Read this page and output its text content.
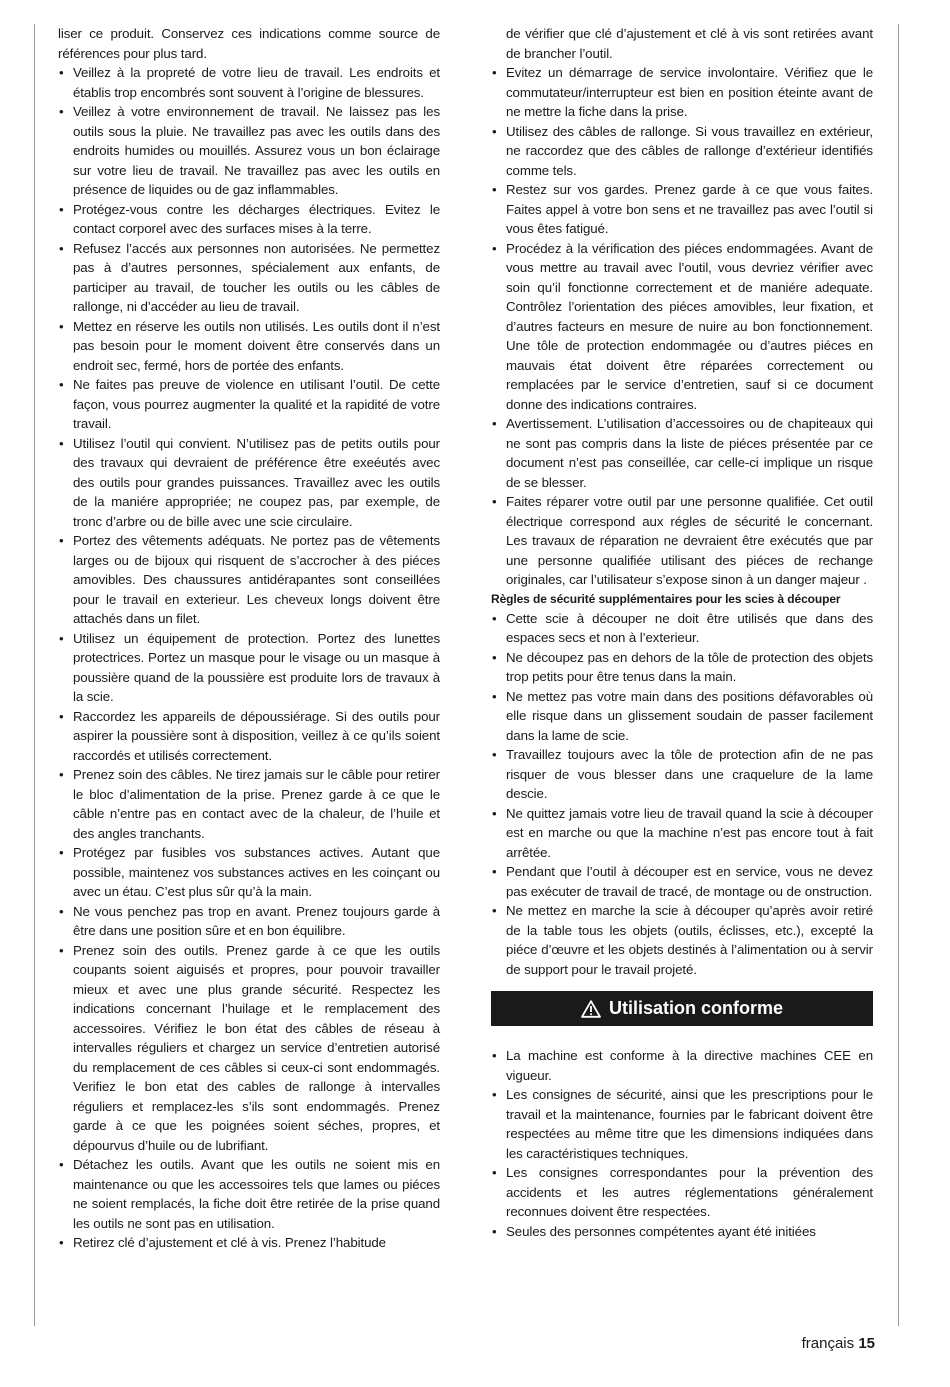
liser ce produit. Conservez ces indications comme source de références pour plus tard.

• Veillez à la propreté de votre lieu de travail. Les endroits et établis trop encombrés sont souvent à l’origine de blessures.
• Veillez à votre environnement de travail. Ne laissez pas les outils sous la pluie. Ne travaillez pas avec les outils dans des endroits humides ou mouillés. Assurez vous un bon éclairage sur votre lieu de travail. Ne travaillez pas avec les outils en présence de liquides ou de gaz inflammables.
• Protégez-vous contre les décharges électriques. Evitez le contact corporel avec des surfaces mises à la terre.
• Refusez l’accés aux personnes non autorisées. Ne permettez pas à d’autres personnes, spécialement aux enfants, de participer au travail, de toucher les outils ou les câbles de rallonge, ni d’accéder au lieu de travail.
• Mettez en réserve les outils non utilisés. Les outils dont il n’est pas besoin pour le moment doivent être conservés dans un endroit sec, fermé, hors de portée des enfants.
• Ne faites pas preuve de violence en utilisant l’outil. De cette façon, vous pourrez augmenter la qualité et la rapidité de votre travail.
• Utilisez l’outil qui convient. N’utilisez pas de petits outils pour des travaux qui devraient de préférence être exeéutés avec des outils pour grandes puissances. Travaillez avec les outils de la maniére appropriée; ne coupez pas, par exemple, de tronc d’arbre ou de bille avec une scie circulaire.
• Portez des vêtements adéquats. Ne portez pas de vêtements larges ou de bijoux qui risquent de s’accrocher à des piéces amovibles. Des chaussures antidérapantes sont conseillées pour le travail en exterieur. Les cheveux longs doivent être attachés dans un filet.
• Utilisez un équipement de protection. Portez des lunettes protectrices. Portez un masque pour le visage ou un masque à poussière quand de la poussière est produite lors de travaux à la scie.
• Raccordez les appareils de dépoussiérage. Si des outils pour aspirer la poussière sont à disposition, veillez à ce qu’ils soient raccordés et utilisés correctement.
• Prenez soin des câbles. Ne tirez jamais sur le câble pour retirer le bloc d’alimentation de la prise. Prenez garde à ce que le câble n’entre pas en contact avec de la chaleur, de l’huile et des angles tranchants.
• Protégez par fusibles vos substances actives. Autant que possible, maintenez vos substances actives en les coinçant ou avec un étau. C’est plus sûr qu’à la main.
• Ne vous penchez pas trop en avant. Prenez toujours garde à être dans une position sûre et en bon équilibre.
• Prenez soin des outils. Prenez garde à ce que les outils coupants soient aiguisés et propres, pour pouvoir travailler mieux et avec une plus grande sécurité. Respectez les indications concernant l’huilage et le remplacement des accessoires. Vérifiez le bon état des câbles de réseau à intervalles réguliers et chargez un service d’entretien autorisé du remplacement de ces câbles si ceux-ci sont endommagés. Verifiez le bon etat des cables de rallonge à intervalles réguliers et remplacez-les s’ils sont endommagés. Prenez garde à ce que les poignées soient séches, propres, et dépourvus d’huile ou de lubrifiant.
• Détachez les outils. Avant que les outils ne soient mis en maintenance ou que les accessoires tels que lames ou piéces ne soient remplacés, la fiche doit être retirée de la prise quand les outils ne sont pas en utilisation.
• Retirez clé d’ajustement et clé à vis. Prenez l’habitude

de vérifier que clé d’ajustement et clé à vis sont retirées avant de brancher l’outil.

• Evitez un démarrage de service involontaire. Vérifiez que le commutateur/interrupteur est bien en position éteinte avant de ne mettre la fiche dans la prise.
• Utilisez des câbles de rallonge. Si vous travaillez en extérieur, ne raccordez que des câbles de rallonge d’extérieur identifiés comme tels.
• Restez sur vos gardes. Prenez garde à ce que vous faites. Faites appel à votre bon sens et ne travaillez pas avec l’outil si vous êtes fatigué.
• Procédez à la vérification des piéces endommagées. Avant de vous mettre au travail avec l’outil, vous devriez vérifier avec soin qu’il fonctionne correctement et de maniére adequate. Contrôlez l’orientation des piéces amovibles, leur fixation, et d’autres facteurs en mesure de nuire au bon fonctionnement. Une tôle de protection endommagée ou d’autres piéces en mauvais état doivent être réparées correctement ou remplacées par le service d’entretien, sauf si ce document donne des indications contraires.
• Avertissement. L’utilisation d’accessoires ou de chapiteaux qui ne sont pas compris dans la liste de piéces présentée par ce document n’est pas conseillée, car celle-ci implique un risque de se blesser.
• Faites réparer votre outil par une personne qualifiée. Cet outil électrique correspond aux régles de sécurité le concernant. Les travaux de réparation ne devraient être exécutés que par une personne qualifiée utilisant des piéces de rechange originales, car l’utilisateur s’expose sinon à un danger majeur .
Règles de sécurité supplémentaires pour les scies à découper
• Cette scie à découper ne doit être utilisés que dans des espaces secs et non à l’exterieur.
• Ne découpez pas en dehors de la tôle de protection des objets trop petits pour être tenus dans la main.
• Ne mettez pas votre main dans des positions défavorables où elle risque dans un glissement soudain de passer facilement dans la lame de scie.
• Travaillez toujours avec la tôle de protection afin de ne pas risquer de vous blesser dans une craquelure de la lame descie.
• Ne quittez jamais votre lieu de travail quand la scie à découper est en marche ou que la machine n’est pas encore tout à fait arrêtée.
• Pendant que l’outil à découper est en service, vous ne devez pas exécuter de travail de tracé, de montage ou de onstruction.
• Ne mettez en marche la scie à découper qu’après avoir retiré de la table tous les objets (outils, éclisses, etc.), excepté la piéce d’œuvre et les objets destinés à l’alimentation ou à servir de support pour le travail projeté.
Utilisation conforme
• La machine est conforme à la directive machines CEE en vigueur.
• Les consignes de sécurité, ainsi que les prescriptions pour le travail et la maintenance, fournies par le fabricant doivent être respectées au même titre que les dimensions indiquées dans les caractéristiques techniques.
• Les consignes correspondantes pour la prévention des accidents et les autres réglementations généralement reconnues doivent être respectées.
• Seules des personnes compétentes ayant été initiées
français 15
